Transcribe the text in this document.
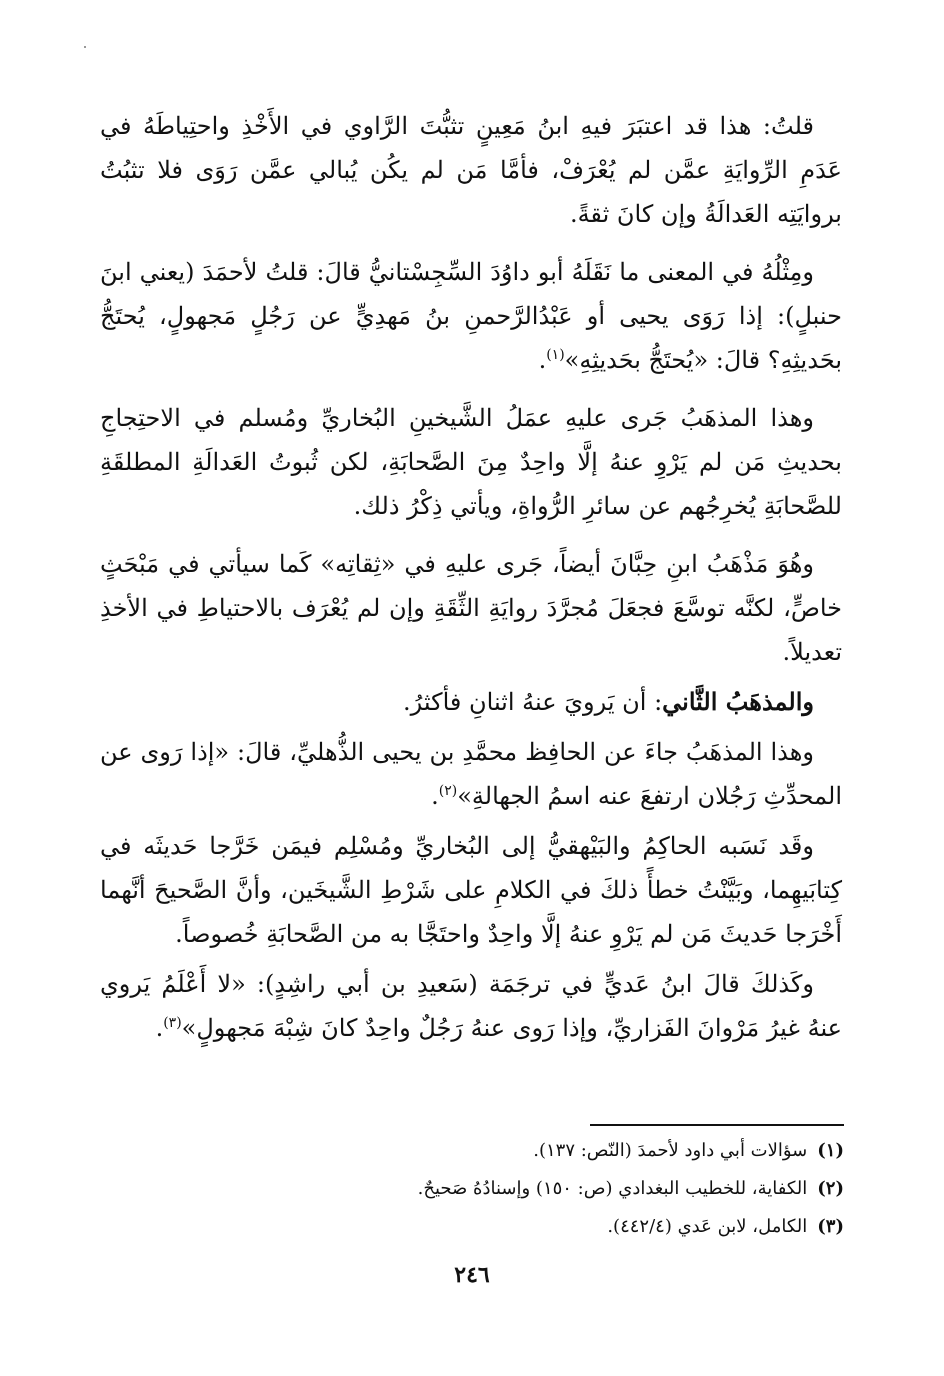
قلتُ: هذا قد اعتبَرَ فيهِ ابنُ مَعِينٍ تثبُّتَ الرَّاوي في الأَخْذِ واحتِياطَهُ في عَدَمِ الرِّوايَةِ عمَّن لم يُعْرَفْ، فأمَّا مَن لم يكُن يُبالي عمَّن رَوَى فلا تثبُتُ بروايَتِه العَدالَةُ وإن كانَ ثقةً.

ومِثْلُهُ في المعنى ما نَقَلَهُ أبو داوُدَ السِّجِسْتانيُّ قالَ: قلتُ لأحمَدَ (يعني ابنَ حنبلٍ): إذا رَوَى يحيى أو عَبْدُالرَّحمنِ بنُ مَهدِيٍّ عن رَجُلٍ مَجهولٍ، يُحتَجُّ بحَديثِهِ؟ قالَ: «يُحتَجُّ بحَديثِهِ»$^{(١)}$.

وهذا المذهَبُ جَرى عليهِ عمَلُ الشَّيخينِ البُخاريِّ ومُسلم في الاحتِجاجِ بحديثِ مَن لم يَرْوِ عنهُ إلَّا واحِدٌ مِنَ الصَّحابَةِ، لكن ثُبوتُ العَدالَةِ المطلقَةِ للصَّحابَةِ يُخرِجُهم عن سائرِ الرُّواةِ، ويأتي ذِكْرُ ذلك.

وهُوَ مَذْهَبُ ابنِ حِبَّانَ أيضاً، جَرى عليهِ في «ثِقاتِه» كَما سيأتي في مَبْحَثٍ خاصٍّ، لكنَّه توسَّعَ فجعَلَ مُجرَّدَ روايَةِ الثِّقَةِ وإن لم يُعْرَف بالاحتياطِ في الأخذِ تعديلاً.

والمذهَبُ الثَّاني: أن يَرويَ عنهُ اثنانِ فأكثرُ.

وهذا المذهَبُ جاءَ عن الحافِظ محمَّدِ بن يحيى الذُّهليِّ، قالَ: «إذا رَوى عن المحدِّثِ رَجُلان ارتفعَ عنه اسمُ الجهالةِ»$^{(٢)}$.

وقَد نَسَبه الحاكِمُ والبَيْهقيُّ إلى البُخاريِّ ومُسْلِم فيمَن خَرَّجا حَديثَه في كِتابَيهِما، وبَيَّنْتُ خطأً ذلكَ في الكلامِ على شَرْطِ الشَّيخَين، وأنَّ الصَّحيحَ أنَّهما أَخْرَجا حَديثَ مَن لم يَرْوِ عنهُ إلَّا واحِدٌ واحتَجَّا به من الصَّحابَةِ خُصوصاً.

وكَذلكَ قالَ ابنُ عَديٍّ في ترجَمَة (سَعيدِ بن أبي راشِدٍ): «لا أَعْلَمُ يَروي عنهُ غيرُ مَرْوانَ الفَزاريِّ، وإذا رَوى عنهُ رَجُلٌ واحِدٌ كانَ شِبْهَ مَجهولٍ»$^{(٣)}$.

(١)سؤالات أبي داود لأحمدَ (النّص: ١٣٧).
(٢)الكفاية، للخطيب البغدادي (ص: ١٥٠) وإسنادُهُ صَحيحٌ.
(٣)الكامل، لابن عَدي (٤٤٢/٤).
٢٤٦
